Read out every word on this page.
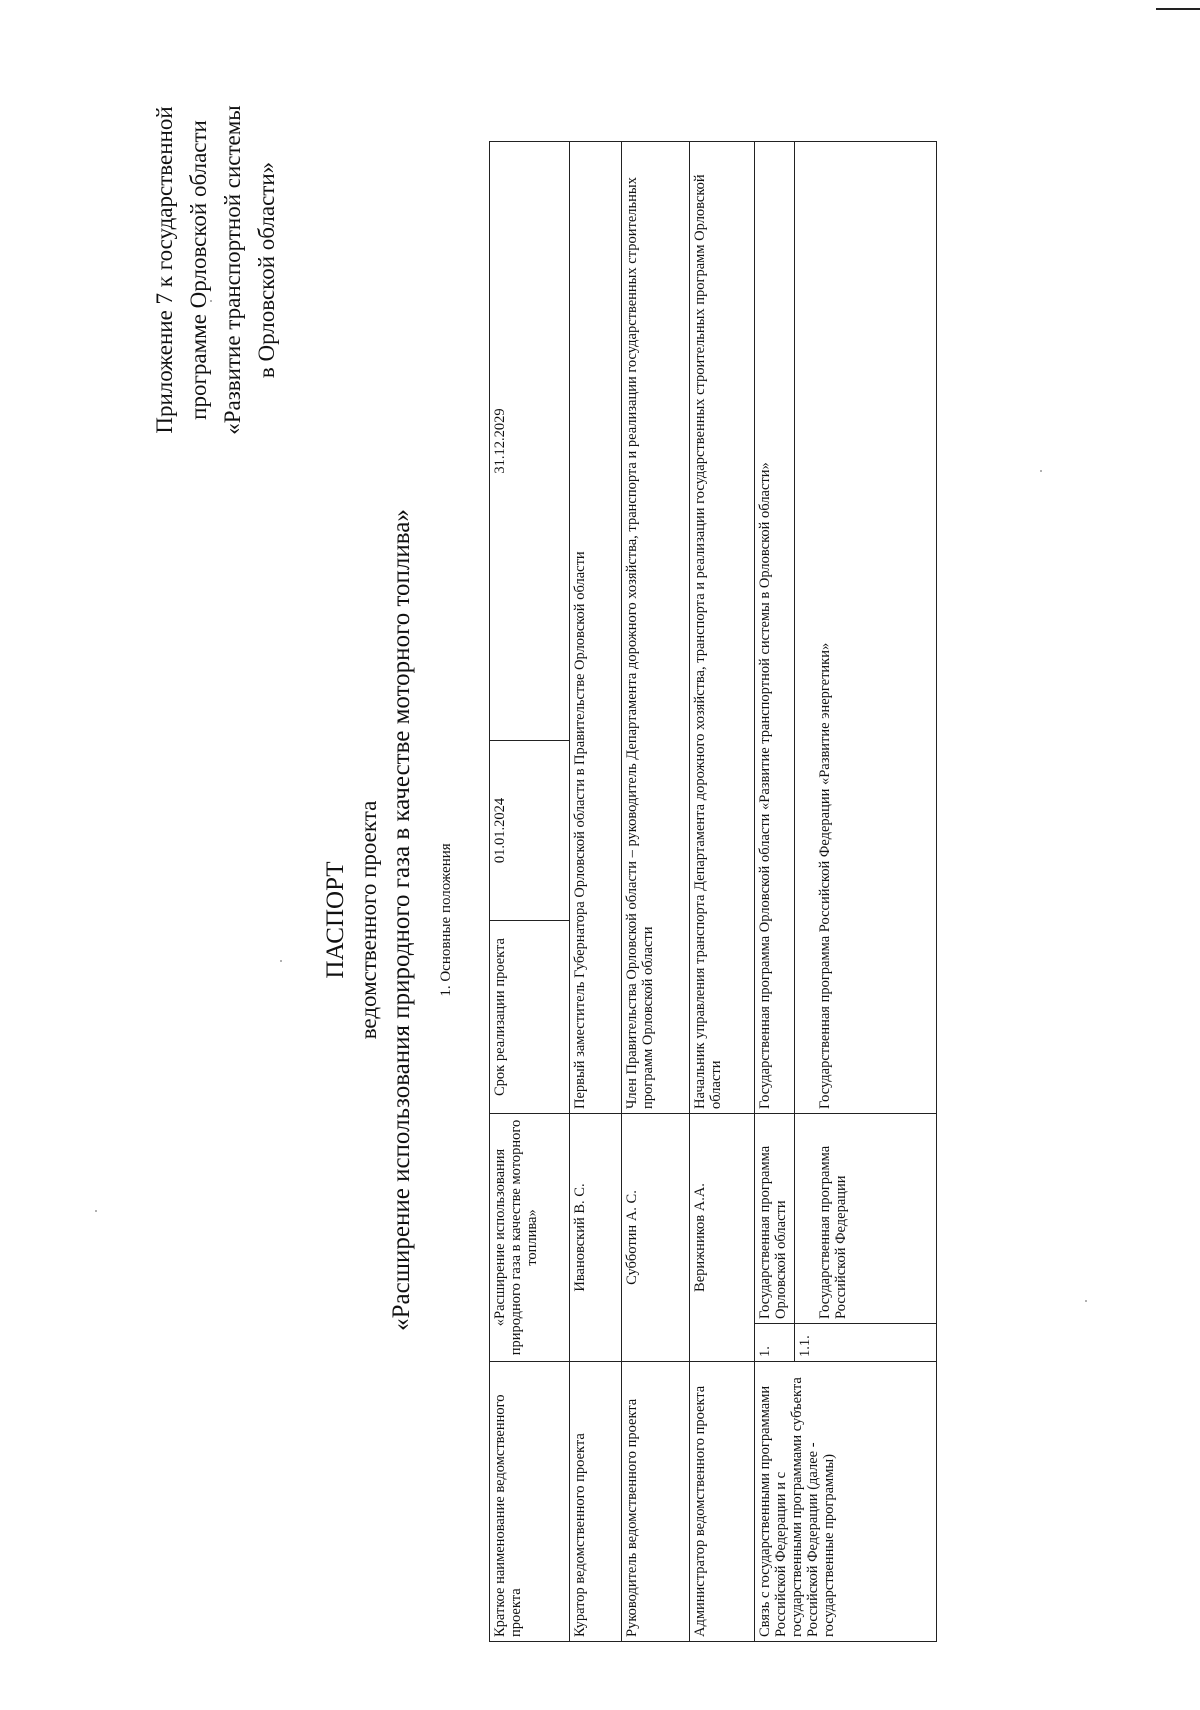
Приложение 7 к государственной программе Орловской области «Развитие транспортной системы в Орловской области»
ПАСПОРТ ведомственного проекта «Расширение использования природного газа в качестве моторного топлива»	1. Основные положения
Краткое наименование ведомственного проекта	«Расширение использования природного газа в качестве моторного топлива»		Срок реализации проекта	01.01.2024	31.12.2029
Куратор ведомственного проекта	Ивановский В. С.		Первый заместитель Губернатора Орловской области в Правительстве Орловской области		
Руководитель ведомственного проекта	Субботин А. С.		Член Правительства Орловской области – руководитель Департамента дорожного хозяйства, транспорта и реализации государственных строительных программ Орловской области		
Администратор ведомственного проекта	Верижников А.А.		Начальник управления транспорта Департамента дорожного хозяйства, транспорта и реализации государственных строительных программ Орловской области		
Связь с государственными программами Российской Федерации и с государственными программами субъекта Российской Федерации (далее - государственные программы)	1.	Государственная программа Орловской области	Государственная программа Орловской области «Развитие транспортной системы в Орловской области»		
	1.1.	Государственная программа Российской Федерации	Государственная программа Российской Федерации «Развитие энергетики»		
